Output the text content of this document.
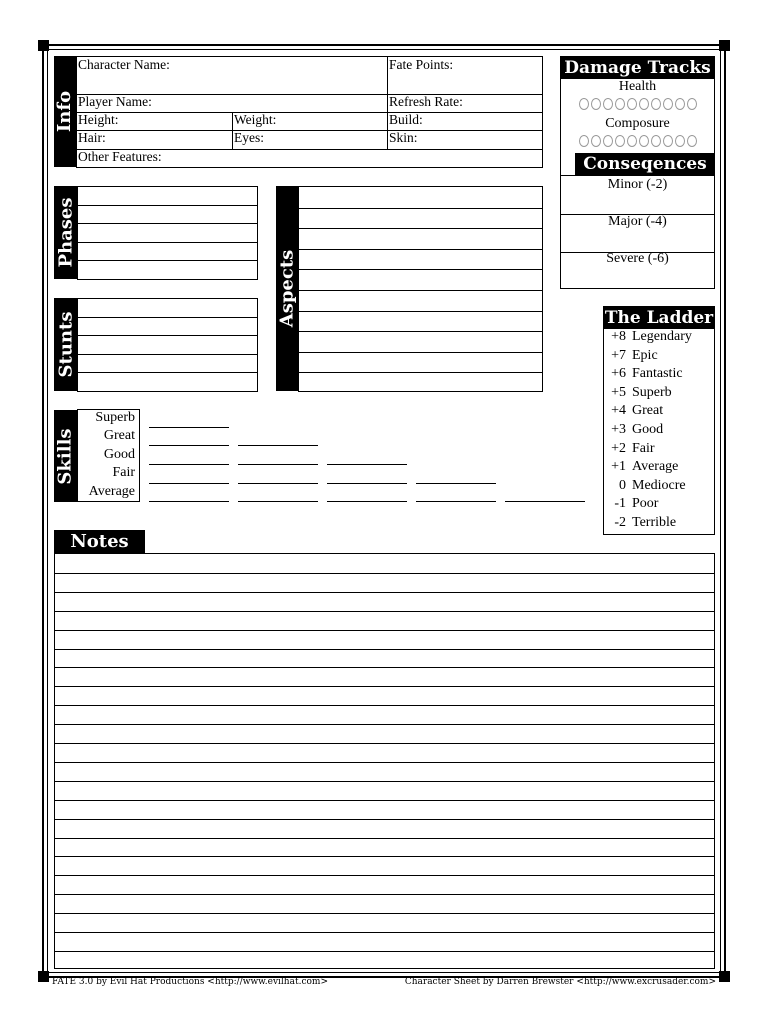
Info
Character Name:	Fate Points:
Player Name:	Refresh Rate:
Height:	Weight:	Build:
Hair:	Eyes:	Skin:
Other Features:
Damage Tracks
Health
Composure
Conseqences
Minor (-2)
Major (-4)
Severe (-6)
Phases
Stunts
Aspects
Skills
Superb
Great
Good
Fair
Average
The Ladder
+8 Legendary
+7 Epic
+6 Fantastic
+5 Superb
+4 Great
+3 Good
+2 Fair
+1 Average
0 Mediocre
-1 Poor
-2 Terrible
Notes
FATE 3.0 by Evil Hat Productions <http://www.evilhat.com>	Character Sheet by Darren Brewster <http://www.excrusader.com>
